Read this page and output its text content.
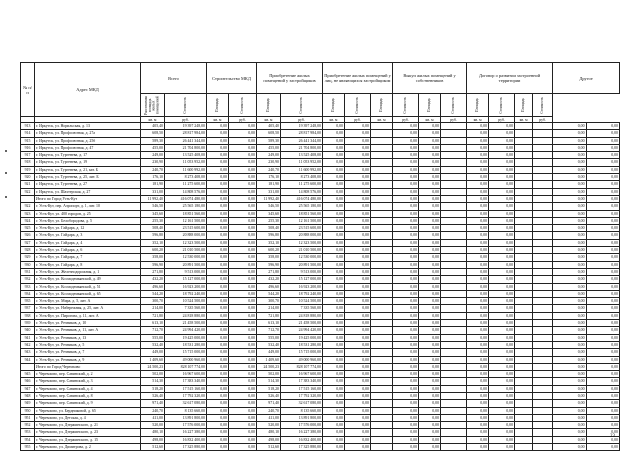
№ п/п	Адрес МКД	Всего		Строительство МКД		Приобретение жилых помещений у застройщиков		Приобретение жилых помещений у лиц, не являющихся застройщиком			Выкуп жилых помещений у собственников			Договор о развитии застроенной территории				Другое	

		Расселяемая площадь жилых помещений	Стоимость	Площадь	Стоимость	Площадь	Стоимость	Площадь	Стоимость	Площадь	Стоимость	Площадь	Стоимость	Площадь	Стоимость	Площадь	Стоимость		

		кв. м	руб.	кв. м	руб.	кв. м	руб.	кв. м	руб.	кв. м	руб.	кв. м	руб.	кв. м	руб.	кв. м	руб.		
913	г. Иркутск, ул. Норильская, д. 13	405,40	19 397 248,00	0,00	0,00	405,40	19 397 248,00	0,00	0,00		0,00	0,00		0,00	0,00			0,00	0,00
914	г. Иркутск, ул. Профсоюзная, д. 27а	608,50	28 817 984,00	0,00	0,00	608,50	28 817 984,00	0,00	0,00		0,00	0,00		0,00	0,00			0,00	0,00
915	г. Иркутск, ул. Профсоюзная, д. 25б	589,30	26 441 344,00	0,00	0,00	589,30	26 441 344,00	0,00	0,00		0,00	0,00		0,00	0,00			0,00	0,00
916	г. Иркутск, ул. Профсоюзная, д. 47	455,00	21 704 800,00	0,00	0,00	455,00	21 704 800,00	0,00	0,00		0,00	0,00		0,00	0,00			0,00	0,00
917	г. Иркутск, ул. Тургенева, д. 17	249,00	13 525 408,00	0,00	0,00	249,00	13 525 408,00	0,00	0,00		0,00	0,00		0,00	0,00			0,00	0,00
918	г. Иркутск, ул. Тургенева, д. 19	230,90	11 053 952,00	0,00	0,00	230,90	11 053 952,00	0,00	0,00		0,00	0,00		0,00	0,00			0,00	0,00
919	г. Иркутск, ул. Тургенева, д. 21, кат. Б	240,70	11 600 992,00	0,00	0,00	240,70	11 600 992,00	0,00	0,00		0,00	0,00		0,00	0,00			0,00	0,00
920	г. Иркутск, ул. Тургенева, д. 25, лит. Б	176,10	8 273 408,00	0,00	0,00	176,10	8 273 408,00	0,00	0,00		0,00	0,00		0,00	0,00			0,00	0,00
921	г. Иркутск, ул. Тургенева, д. 27	181,90	11 275 600,00	0,00	0,00	181,90	11 275 600,00	0,00	0,00		0,00	0,00		0,00	0,00			0,00	0,00
922	г. Иркутск, ул. Шахтерская, д. 27	331,00	14 808 576,00	0,00	0,00	331,00	14 808 576,00	0,00	0,00		0,00	0,00		0,00	0,00			0,00	0,00
	Итого по Город Усть-Кут	11 992,40	416 074 480,00	0,00	0,00	11 992,40	416 074 480,00	0,00	0,00		0,00	0,00		0,00	0,00			0,00	0,00
922	г. Усть-Кут, пер. Аэропорт, д. 1, лит. 10	546,50	25 565 180,00	0,00	0,00	546,50	25 565 180,00	0,00	0,00		0,00	0,00		0,00	0,00			0,00	0,00
923	г. Усть-Кут, ул. 400 городов, д. 25	345,60	18 851 560,00	0,00	0,00	345,60	18 851 560,00	0,00	0,00		0,00	0,00		0,00	0,00			0,00	0,00
924	г. Усть-Кут, ул. Белобородова, д. 5	255,30	12 161 500,00	0,00	0,00	255,30	12 161 500,00	0,00	0,00		0,00	0,00		0,00	0,00			0,00	0,00
925	г. Усть-Кут, ул. Гайдара, д. 12	508,40	23 515 600,00	0,00	0,00	508,40	23 515 600,00	0,00	0,00		0,00	0,00		0,00	0,00			0,00	0,00
926	г. Усть-Кут, ул. Гайдара, д. 3	596,80	20 888 000,00	0,00	0,00	596,80	20 888 000,00	0,00	0,00		0,00	0,00		0,00	0,00			0,00	0,00
927	г. Усть-Кут, ул. Гайдара, д. 4	352,10	12 323 500,00	0,00	0,00	352,10	12 323 500,00	0,00	0,00		0,00	0,00		0,00	0,00			0,00	0,00
928	г. Усть-Кут, ул. Гайдара, д. 6	600,20	21 010 500,00	0,00	0,00	600,20	21 010 500,00	0,00	0,00		0,00	0,00		0,00	0,00			0,00	0,00
929	г. Усть-Кут, ул. Гайдара, д. 7	358,00	12 530 000,00	0,00	0,00	358,00	12 530 000,00	0,00	0,00		0,00	0,00		0,00	0,00			0,00	0,00
930	г. Усть-Кут, ул. Гайдара, д. 8	596,90	20 891 500,00	0,00	0,00	596,90	20 891 500,00	0,00	0,00		0,00	0,00		0,00	0,00			0,00	0,00
931	г. Усть-Кут, ул. Железнодорожная, д. 1	271,80	9 513 000,00	0,00	0,00	271,80	9 513 000,00	0,00	0,00		0,00	0,00		0,00	0,00			0,00	0,00
932	г. Усть-Кут, ул. Космодемьянской, д. 49	432,20	15 127 000,00	0,00	0,00	432,20	15 127 000,00	0,00	0,00		0,00	0,00		0,00	0,00			0,00	0,00
933	г. Усть-Кут, ул. Космодемьянской, д. 51	496,60	16 923 200,00	0,00	0,00	496,60	16 923 200,00	0,00	0,00		0,00	0,00		0,00	0,00			0,00	0,00
934	г. Усть-Кут, ул. Космодемьянской, д. 65	544,20	18 792 240,00	0,00	0,00	544,20	18 792 240,00	0,00	0,00		0,00	0,00		0,00	0,00			0,00	0,00
935	г. Усть-Кут, ул. Мира, д. 5, лит. А	300,70	10 524 500,00	0,00	0,00	300,70	10 524 500,00	0,00	0,00		0,00	0,00		0,00	0,00			0,00	0,00
937	г. Усть-Кут, ул. Набережная, д. 25, лит. А	214,00	7 335 560,00	0,00	0,00	214,00	7 335 560,00	0,00	0,00		0,00	0,00		0,00	0,00			0,00	0,00
938	г. Усть-Кут, ул. Пирогова, д. 11, лит. А	721,80	24 818 880,00	0,00	0,00	721,80	24 818 880,00	0,00	0,00		0,00	0,00		0,00	0,00			0,00	0,00
939	г. Усть-Кут, ул. Речников, д. 10	613,10	21 458 500,00	0,00	0,00	613,10	21 458 500,00	0,00	0,00		0,00	0,00		0,00	0,00			0,00	0,00
940	г. Усть-Кут, ул. Речников, д. 11, лит. А	712,70	24 994 420,00	0,00	0,00	712,70	24 994 420,00	0,00	0,00		0,00	0,00		0,00	0,00			0,00	0,00
941	г. Усть-Кут, ул. Речников, д. 13	555,00	19 425 000,00	0,00	0,00	555,00	19 425 000,00	0,00	0,00		0,00	0,00		0,00	0,00			0,00	0,00
942	г. Усть-Кут, ул. Речников, д. 5	532,40	18 531 280,00	0,00	0,00	532,40	18 531 280,00	0,00	0,00		0,00	0,00		0,00	0,00			0,00	0,00
943	г. Усть-Кут, ул. Речников, д. 7	449,00	15 715 000,00	0,00	0,00	449,00	15 715 000,00	0,00	0,00		0,00	0,00		0,00	0,00			0,00	0,00
944	г. Усть-Кут, ул. Речников, д. 9	1 409,60	49 000 960,00	0,00	0,00	1 409,60	49 000 960,00	0,00	0,00		0,00	0,00		0,00	0,00			0,00	0,00
	Итого по Город Черемхово	24 500,23	828 107 774,00	0,00	0,00	24 500,23	828 107 774,00	0,00	0,00		0,00	0,00		0,00	0,00			0,00	0,00
945	г. Черемхово, пер. Савинский, д. 2	502,00	16 967 600,00	0,00	0,00	502,00	16 967 600,00	0,00	0,00		0,00	0,00		0,00	0,00			0,00	0,00
946	г. Черемхово, пер. Савинский, д. 3	514,30	17 383 340,00	0,00	0,00	514,30	17 383 340,00	0,00	0,00		0,00	0,00		0,00	0,00			0,00	0,00
947	г. Черемхово, пер. Савинский, д. 4	518,20	17 515 160,00	0,00	0,00	518,20	17 515 160,00	0,00	0,00		0,00	0,00		0,00	0,00			0,00	0,00
948	г. Черемхово, пер. Савинский, д. 8	526,40	17 792 320,00	0,00	0,00	526,40	17 792 320,00	0,00	0,00		0,00	0,00		0,00	0,00			0,00	0,00
949	г. Черемхово, пер. Савинский, д. 9	971,40	32 617 080,00	0,00	0,00	971,40	32 617 080,00	0,00	0,00		0,00	0,00		0,00	0,00			0,00	0,00
950	г. Черемхово, ул. Бердниковой, д. 65	240,70	8 135 660,00	0,00	0,00	240,70	8 135 660,00	0,00	0,00		0,00	0,00		0,00	0,00			0,00	0,00
951	г. Черемхово, ул. Детская, д. 4	411,00	13 891 800,00	0,00	0,00	411,00	13 891 800,00	0,00	0,00		0,00	0,00		0,00	0,00			0,00	0,00
952	г. Черемхово, ул. Дзержинского, д. 21	520,00	17 576 000,00	0,00	0,00	520,00	17 576 000,00	0,00	0,00		0,00	0,00		0,00	0,00			0,00	0,00
953	г. Черемхово, ул. Дзержинского, д. 23	480,10	16 227 380,00	0,00	0,00	480,10	16 227 380,00	0,00	0,00		0,00	0,00		0,00	0,00			0,00	0,00
954	г. Черемхово, ул. Дзержинского, д. 15	498,00	16 832 400,00	0,00	0,00	498,00	16 832 400,00	0,00	0,00		0,00	0,00		0,00	0,00			0,00	0,00
955	г. Черемхово, ул. Димитрова, д. 2	512,60	17 325 880,00	0,00	0,00	512,60	17 325 880,00	0,00	0,00		0,00	0,00		0,00	0,00			0,00	0,00
23
